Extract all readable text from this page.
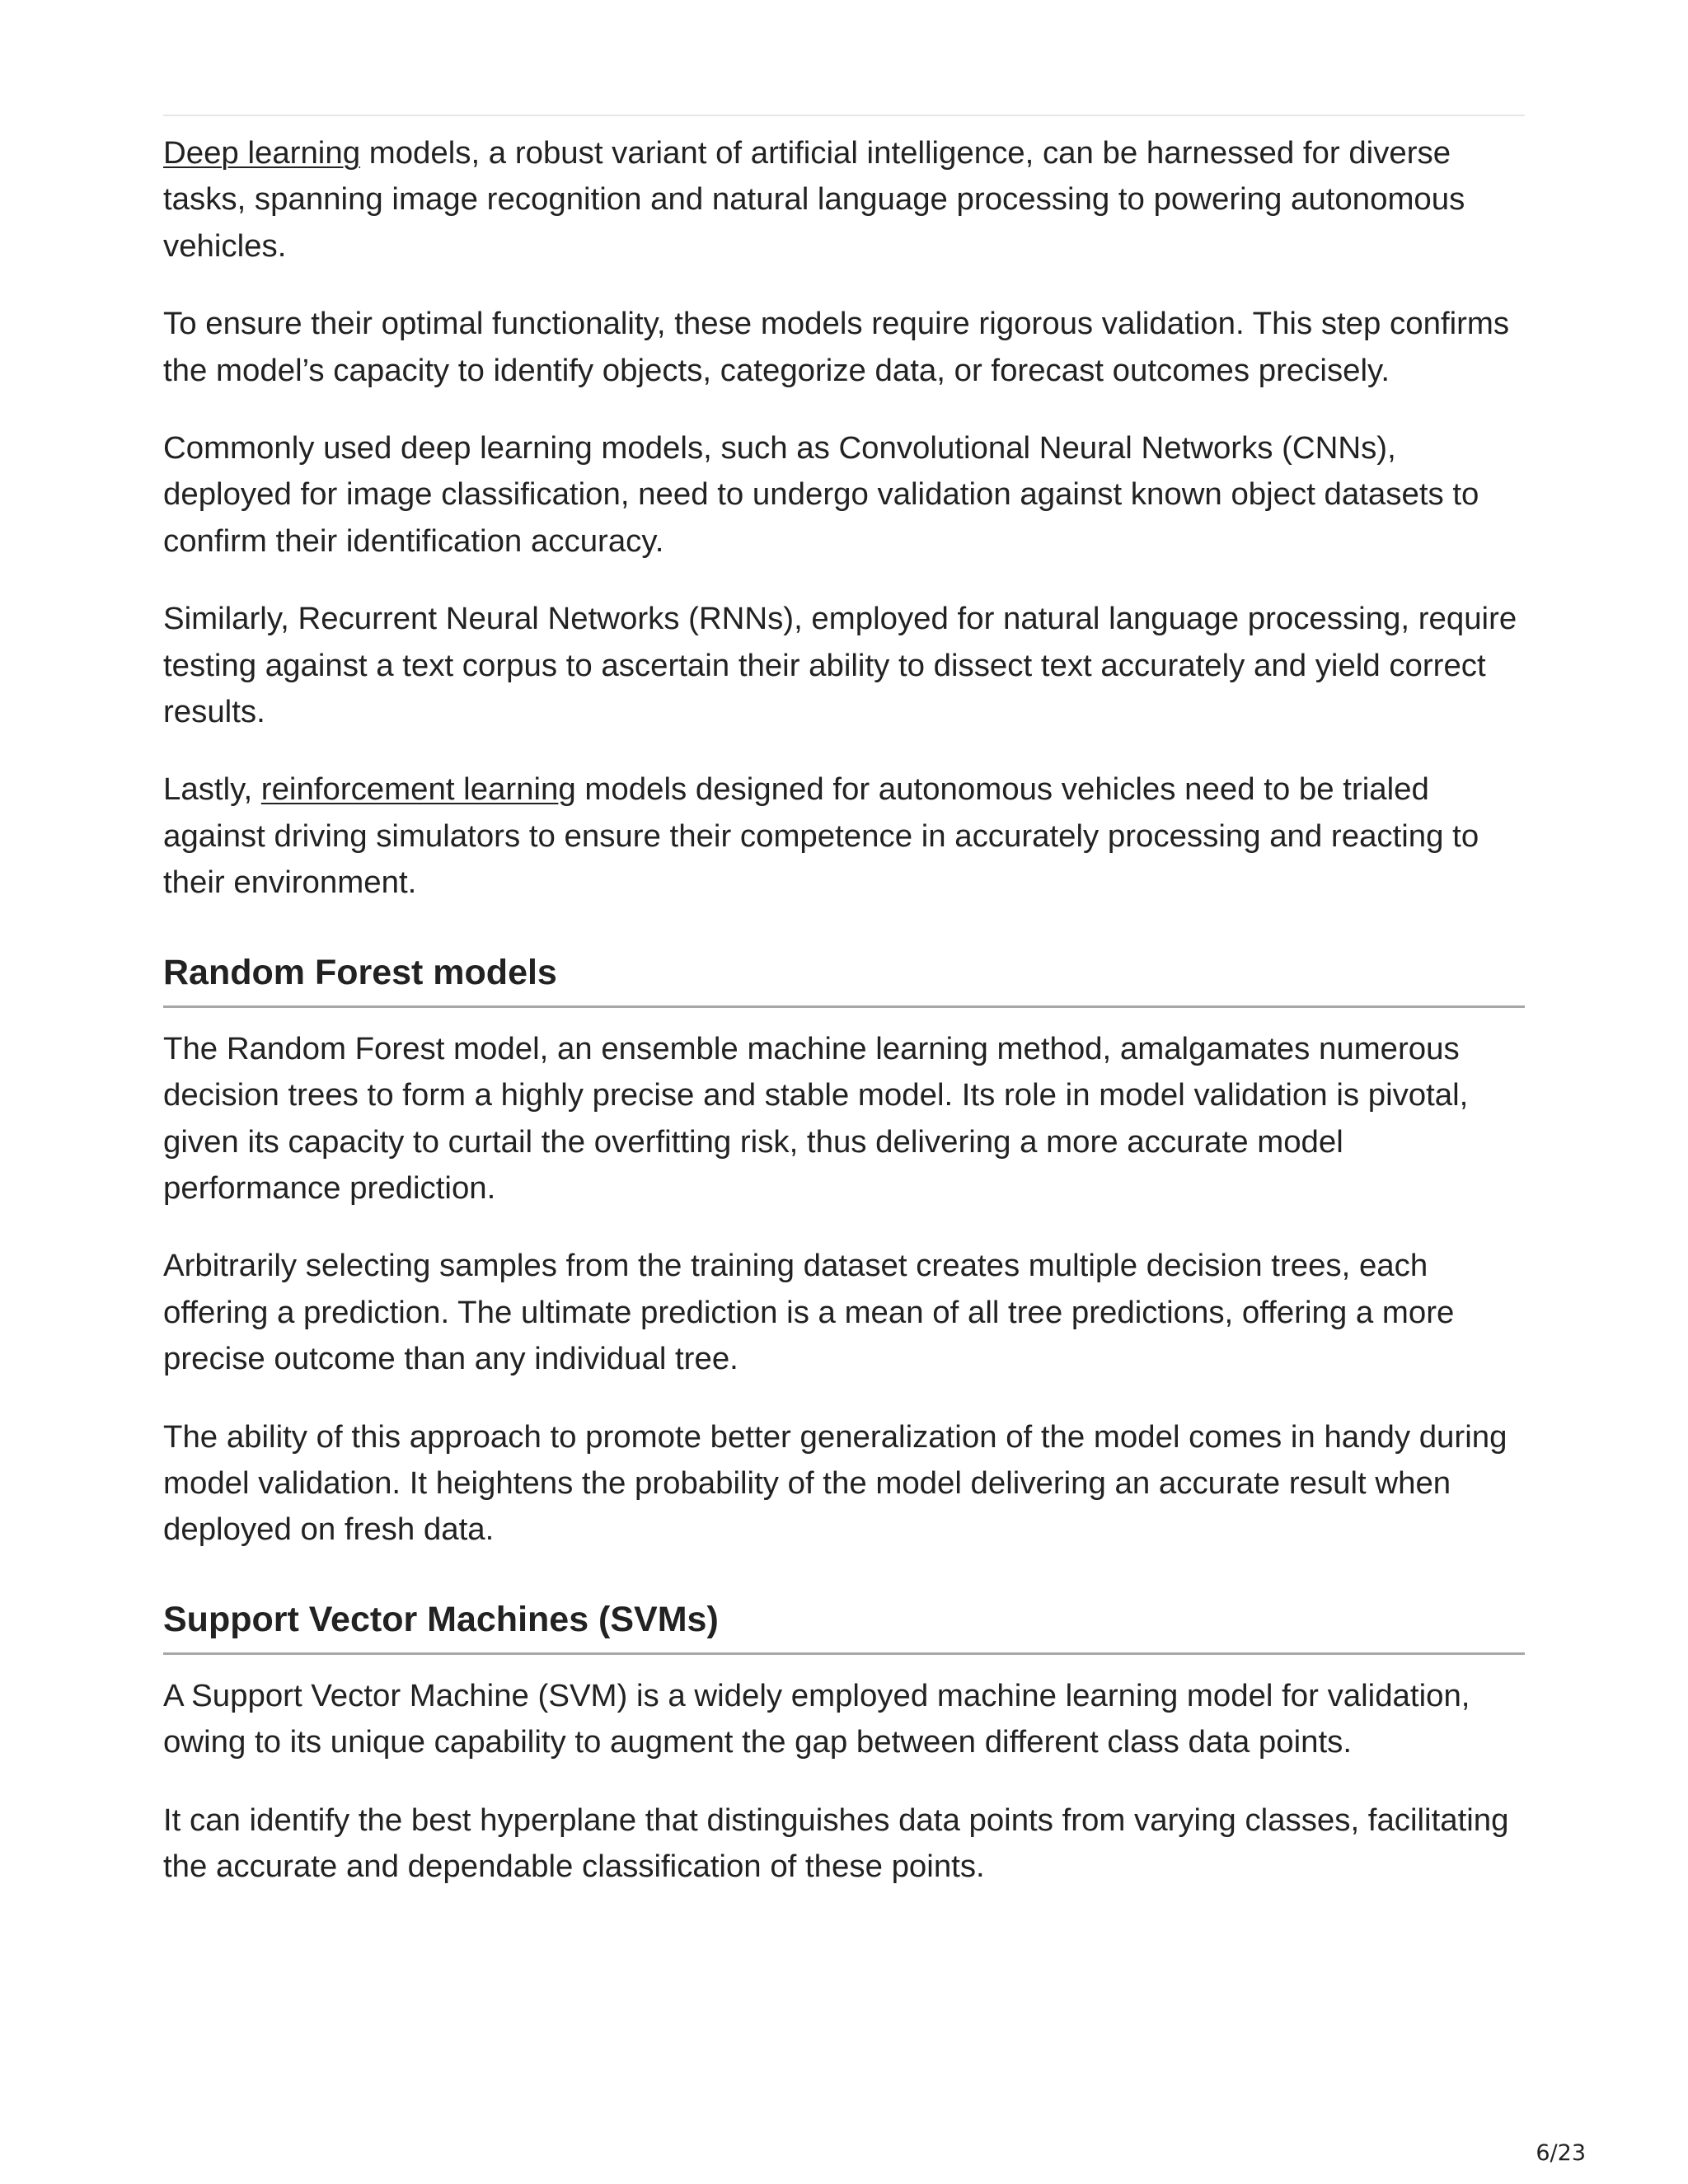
Deep learning models, a robust variant of artificial intelligence, can be harnessed for diverse tasks, spanning image recognition and natural language processing to powering autonomous vehicles.

To ensure their optimal functionality, these models require rigorous validation. This step confirms the model’s capacity to identify objects, categorize data, or forecast outcomes precisely.

Commonly used deep learning models, such as Convolutional Neural Networks (CNNs), deployed for image classification, need to undergo validation against known object datasets to confirm their identification accuracy.

Similarly, Recurrent Neural Networks (RNNs), employed for natural language processing, require testing against a text corpus to ascertain their ability to dissect text accurately and yield correct results.

Lastly, reinforcement learning models designed for autonomous vehicles need to be trialed against driving simulators to ensure their competence in accurately processing and reacting to their environment.

Random Forest models

The Random Forest model, an ensemble machine learning method, amalgamates numerous decision trees to form a highly precise and stable model. Its role in model validation is pivotal, given its capacity to curtail the overfitting risk, thus delivering a more accurate model performance prediction.

Arbitrarily selecting samples from the training dataset creates multiple decision trees, each offering a prediction. The ultimate prediction is a mean of all tree predictions, offering a more precise outcome than any individual tree.

The ability of this approach to promote better generalization of the model comes in handy during model validation. It heightens the probability of the model delivering an accurate result when deployed on fresh data.

Support Vector Machines (SVMs)

A Support Vector Machine (SVM) is a widely employed machine learning model for validation, owing to its unique capability to augment the gap between different class data points.

It can identify the best hyperplane that distinguishes data points from varying classes, facilitating the accurate and dependable classification of these points.

6/23
